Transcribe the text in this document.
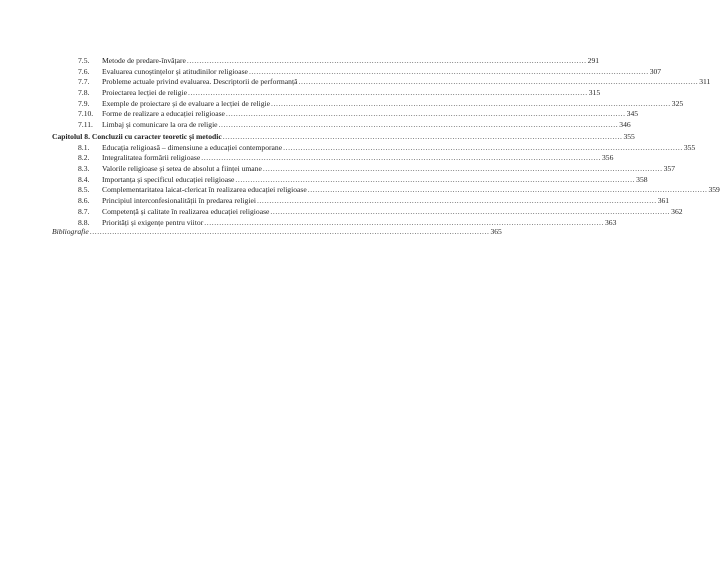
7.5.	Metode de predare-învățare .....	291
7.6.	Evaluarea cunoștințelor și atitudinilor religioase .....	307
7.7.	Probleme actuale privind evaluarea. Descriptorii de performanță .....	311
7.8.	Proiectarea lecției de religie .....	315
7.9.	Exemple de proiectare și de evaluare a lecției de religie .....	325
7.10.	Forme de realizare a educației religioase .....	345
7.11.	Limbaj și comunicare la ora de religie .....	346
Capitolul 8. Concluzii cu caracter teoretic și metodic .....	355
8.1.	Educația religioasă – dimensiune a educației contemporane .....	355
8.2.	Integralitatea formării religioase .....	356
8.3.	Valorile religioase și setea de absolut a ființei umane .....	357
8.4.	Importanța și specificul educației religioase .....	358
8.5.	Complementaritatea laicat-clericat în realizarea educației religioase .....	359
8.6.	Principiul interconfesionalității în predarea religiei .....	361
8.7.	Competență și calitate în realizarea educației religioase .....	362
8.8.	Priorități și exigențe pentru viitor .....	363
Bibliografie .....	365
